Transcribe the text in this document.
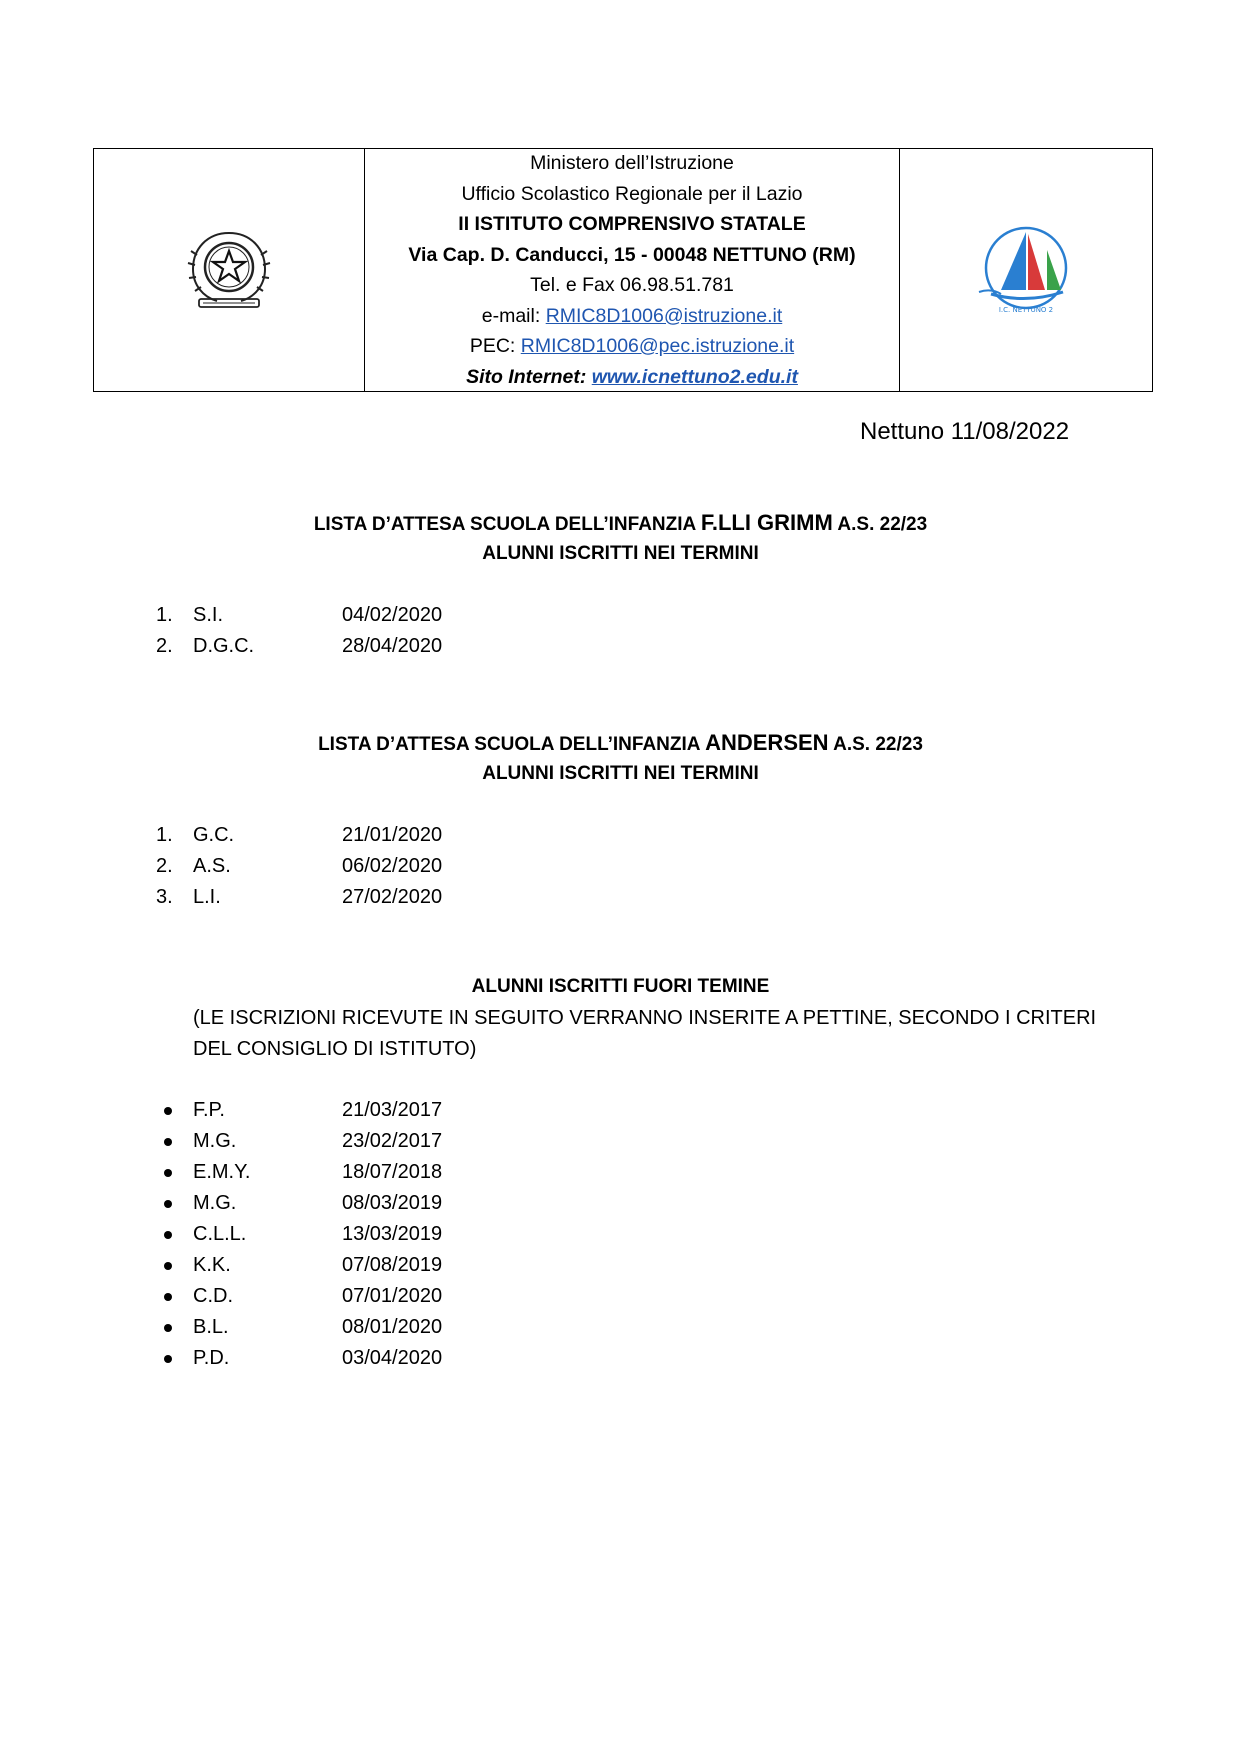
Ministero dell’Istruzione
Ufficio Scolastico Regionale per il Lazio
II ISTITUTO COMPRENSIVO STATALE
Via Cap. D. Canducci, 15 - 00048 NETTUNO (RM)
Tel. e Fax 06.98.51.781
e-mail: RMIC8D1006@istruzione.it
PEC: RMIC8D1006@pec.istruzione.it
Sito Internet: www.icnettuno2.edu.it
I.C. NETTUNO 2
Nettuno 11/08/2022
LISTA D’ATTESA SCUOLA DELL’INFANZIA F.LLI GRIMM A.S. 22/23
ALUNNI ISCRITTI NEI TERMINI
1.	S.I.	04/02/2020
2.	D.G.C.	28/04/2020
LISTA D’ATTESA SCUOLA DELL’INFANZIA ANDERSEN A.S. 22/23
ALUNNI ISCRITTI NEI TERMINI
1.	G.C.	21/01/2020
2.	A.S.	06/02/2020
3.	L.I.	27/02/2020
ALUNNI ISCRITTI FUORI TEMINE
(LE ISCRIZIONI RICEVUTE IN SEGUITO VERRANNO INSERITE A PETTINE, SECONDO I CRITERI DEL CONSIGLIO DI ISTITUTO)
F.P.	21/03/2017
M.G.	23/02/2017
E.M.Y.	18/07/2018
M.G.	08/03/2019
C.L.L.	13/03/2019
K.K.	07/08/2019
C.D.	07/01/2020
B.L.	08/01/2020
P.D.	03/04/2020
